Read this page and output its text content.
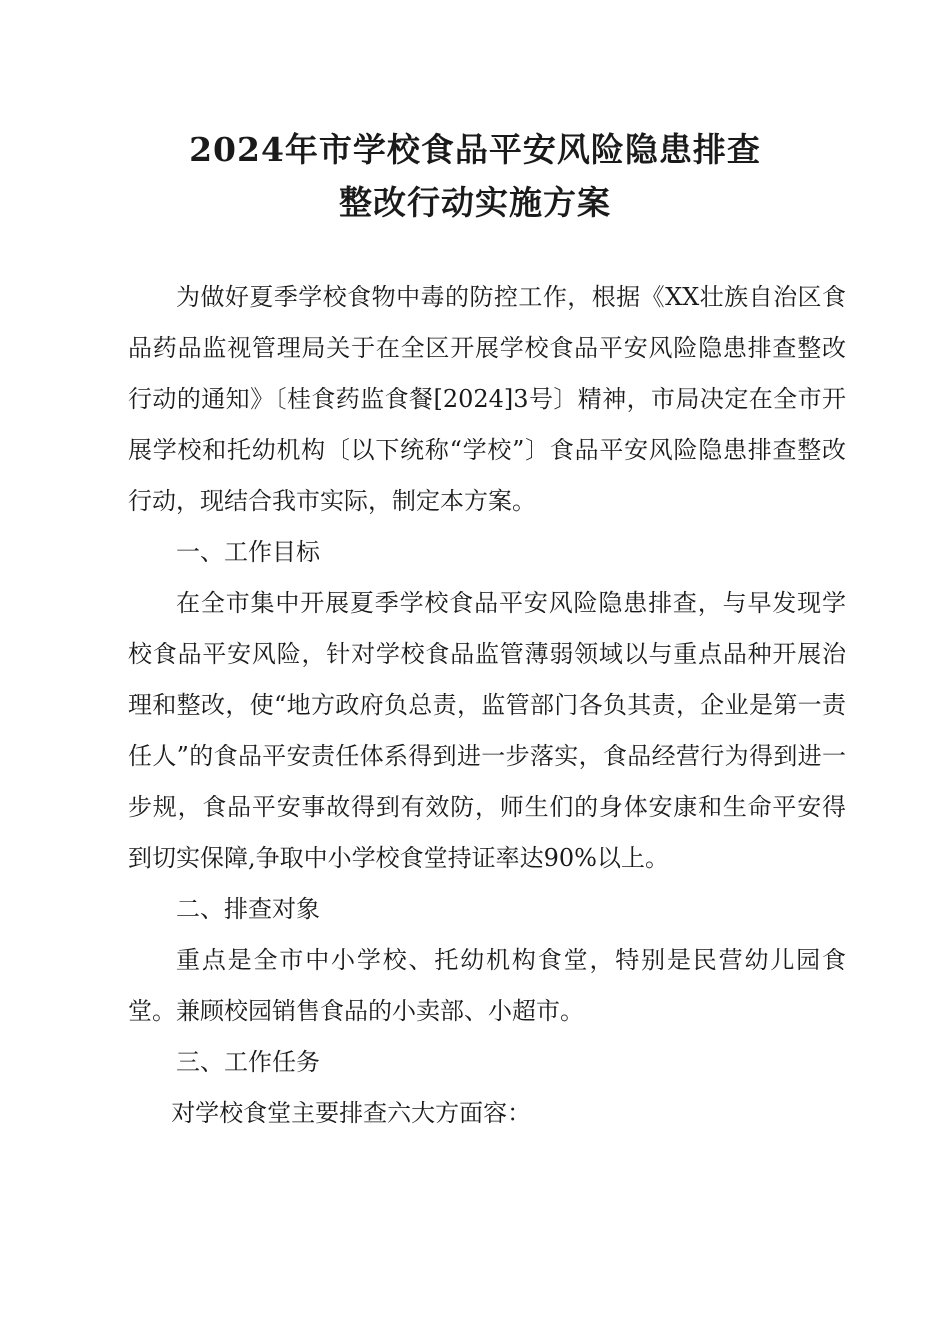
2024年市学校食品平安风险隐患排查
整改行动实施方案

为做好夏季学校食物中毒的防控工作，根据《XX壮族自治区食品药品监视管理局关于在全区开展学校食品平安风险隐患排查整改行动的通知》〔桂食药监食餐[2024]3号〕精神，市局决定在全市开展学校和托幼机构〔以下统称“学校”〕食品平安风险隐患排查整改行动，现结合我市实际，制定本方案。

一、工作目标

在全市集中开展夏季学校食品平安风险隐患排查，与早发现学校食品平安风险，针对学校食品监管薄弱领域以与重点品种开展治理和整改，使“地方政府负总责，监管部门各负其责，企业是第一责任人”的食品平安责任体系得到进一步落实，食品经营行为得到进一步规，食品平安事故得到有效防，师生们的身体安康和生命平安得到切实保障,争取中小学校食堂持证率达90%以上。

二、排查对象

重点是全市中小学校、托幼机构食堂，特别是民营幼儿园食堂。兼顾校园销售食品的小卖部、小超市。

三、工作任务

对学校食堂主要排查六大方面容：
